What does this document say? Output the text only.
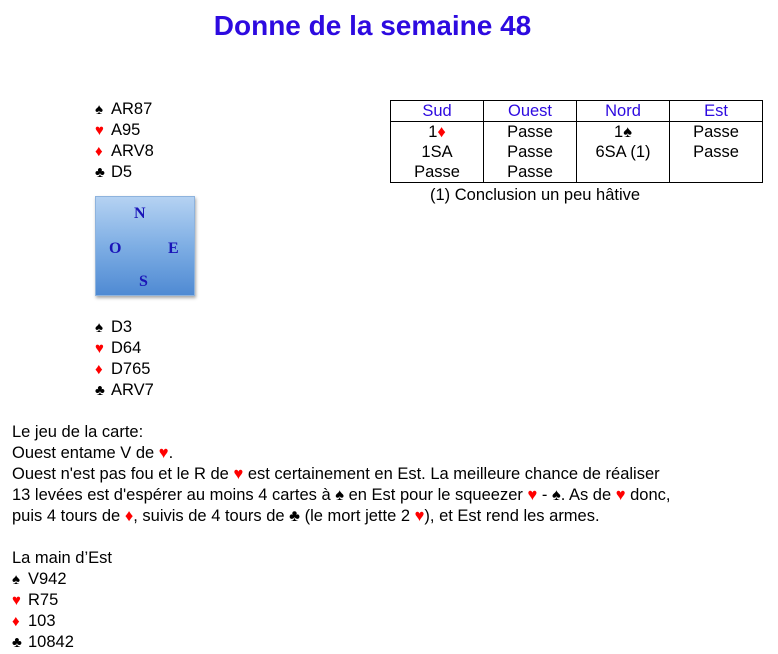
Donne de la semaine 48
♠ AR87
♥ A95
♦ ARV8
♣ D5
N
O	E
S
♠ D3
♥ D64
♦ D765
♣ ARV7
Sud	Ouest	Nord	Est
1♦	Passe	1♠	Passe
1SA	Passe	6SA (1)	Passe
Passe	Passe		
(1) Conclusion un peu hâtive

Le jeu de la carte:

Ouest entame V de ♥.

Ouest n'est pas fou et le R de ♥ est certainement en Est. La meilleure chance de réaliser

13 levées est d'espérer au moins 4 cartes à ♠ en Est pour le squeezer ♥ - ♠. As de ♥ donc,

puis 4 tours de ♦, suivis de 4 tours de ♣ (le mort jette 2 ♥), et Est rend les armes.

La main d’Est

♠ V942

♥ R75

♦ 103

♣ 10842
